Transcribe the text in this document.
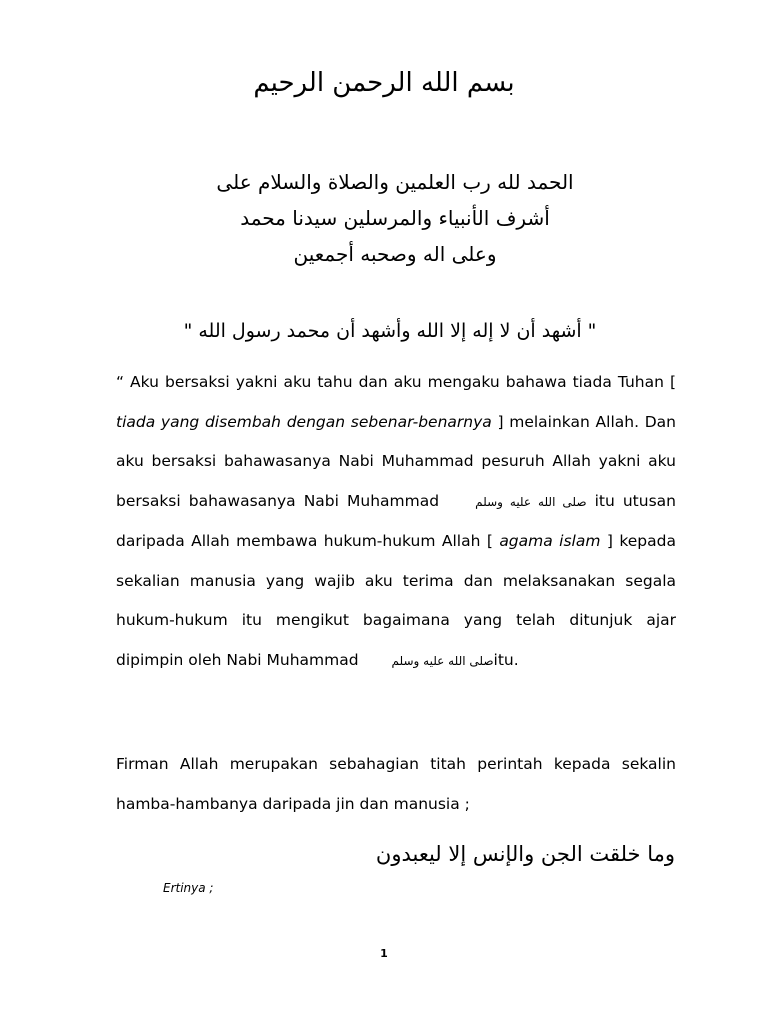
بسم الله الرحمن الرحيم
الحمد لله رب العلمين والصلاة والسلام على
أشرف الأنبياء والمرسلين سيدنا محمد
وعلى اله وصحبه أجمعين
" أشهد أن لا إله إلا الله وأشهد أن محمد رسول الله "
“ Aku bersaksi yakni aku tahu dan aku mengaku bahawa tiada Tuhan [ tiada yang disembah dengan sebenar-benarnya ] melainkan Allah. Dan aku bersaksi bahawasanya Nabi Muhammad pesuruh Allah yakni aku bersaksi bahawasanya Nabi Muhammad	صلى الله عليه وسلم itu utusan daripada Allah membawa hukum-hukum Allah [ agama islam ] kepada sekalian manusia yang wajib aku terima dan melaksanakan segala hukum-hukum itu mengikut bagaimana yang telah ditunjuk ajar dipimpin oleh Nabi Muhammad	صلى الله عليه وسلمitu.
Firman Allah merupakan sebahagian titah perintah kepada sekalin hamba-hambanya daripada jin dan manusia ;
وما خلقت الجن والإنس إلا ليعبدون
Ertinya ;
1
